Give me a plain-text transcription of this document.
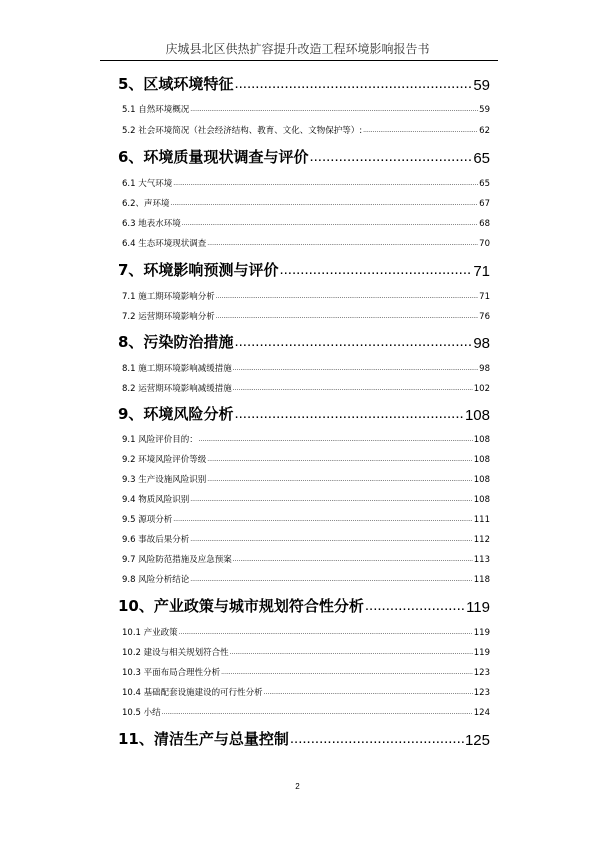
庆城县北区供热扩容提升改造工程环境影响报告书
5、区域环境特征 .....	59
5.1 自然环境概况 .....	59
5.2 社会环境简况（社会经济结构、教育、文化、文物保护等）: .....	62
6、环境质量现状调查与评价 .....	65
6.1 大气环境 .....	65
6.2、声环境 .....	67
6.3 地表水环境 .....	68
6.4 生态环境现状调查 .....	70
7、环境影响预测与评价 .....	71
7.1 施工期环境影响分析 .....	71
7.2 运营期环境影响分析 .....	76
8、污染防治措施 .....	98
8.1 施工期环境影响减缓措施 .....	98
8.2 运营期环境影响减缓措施 .....	102
9、环境风险分析 .....	108
9.1 风险评价目的： .....	108
9.2 环境风险评价等级 .....	108
9.3 生产设施风险识别 .....	108
9.4 物质风险识别 .....	108
9.5 源项分析 .....	111
9.6 事故后果分析 .....	112
9.7 风险防范措施及应急预案 .....	113
9.8 风险分析结论 .....	118
10、产业政策与城市规划符合性分析 .....	119
10.1 产业政策 .....	119
10.2 建设与相关规划符合性 .....	119
10.3 平面布局合理性分析 .....	123
10.4 基础配套设施建设的可行性分析 .....	123
10.5 小结 .....	124
11、清洁生产与总量控制 .....	125
2
